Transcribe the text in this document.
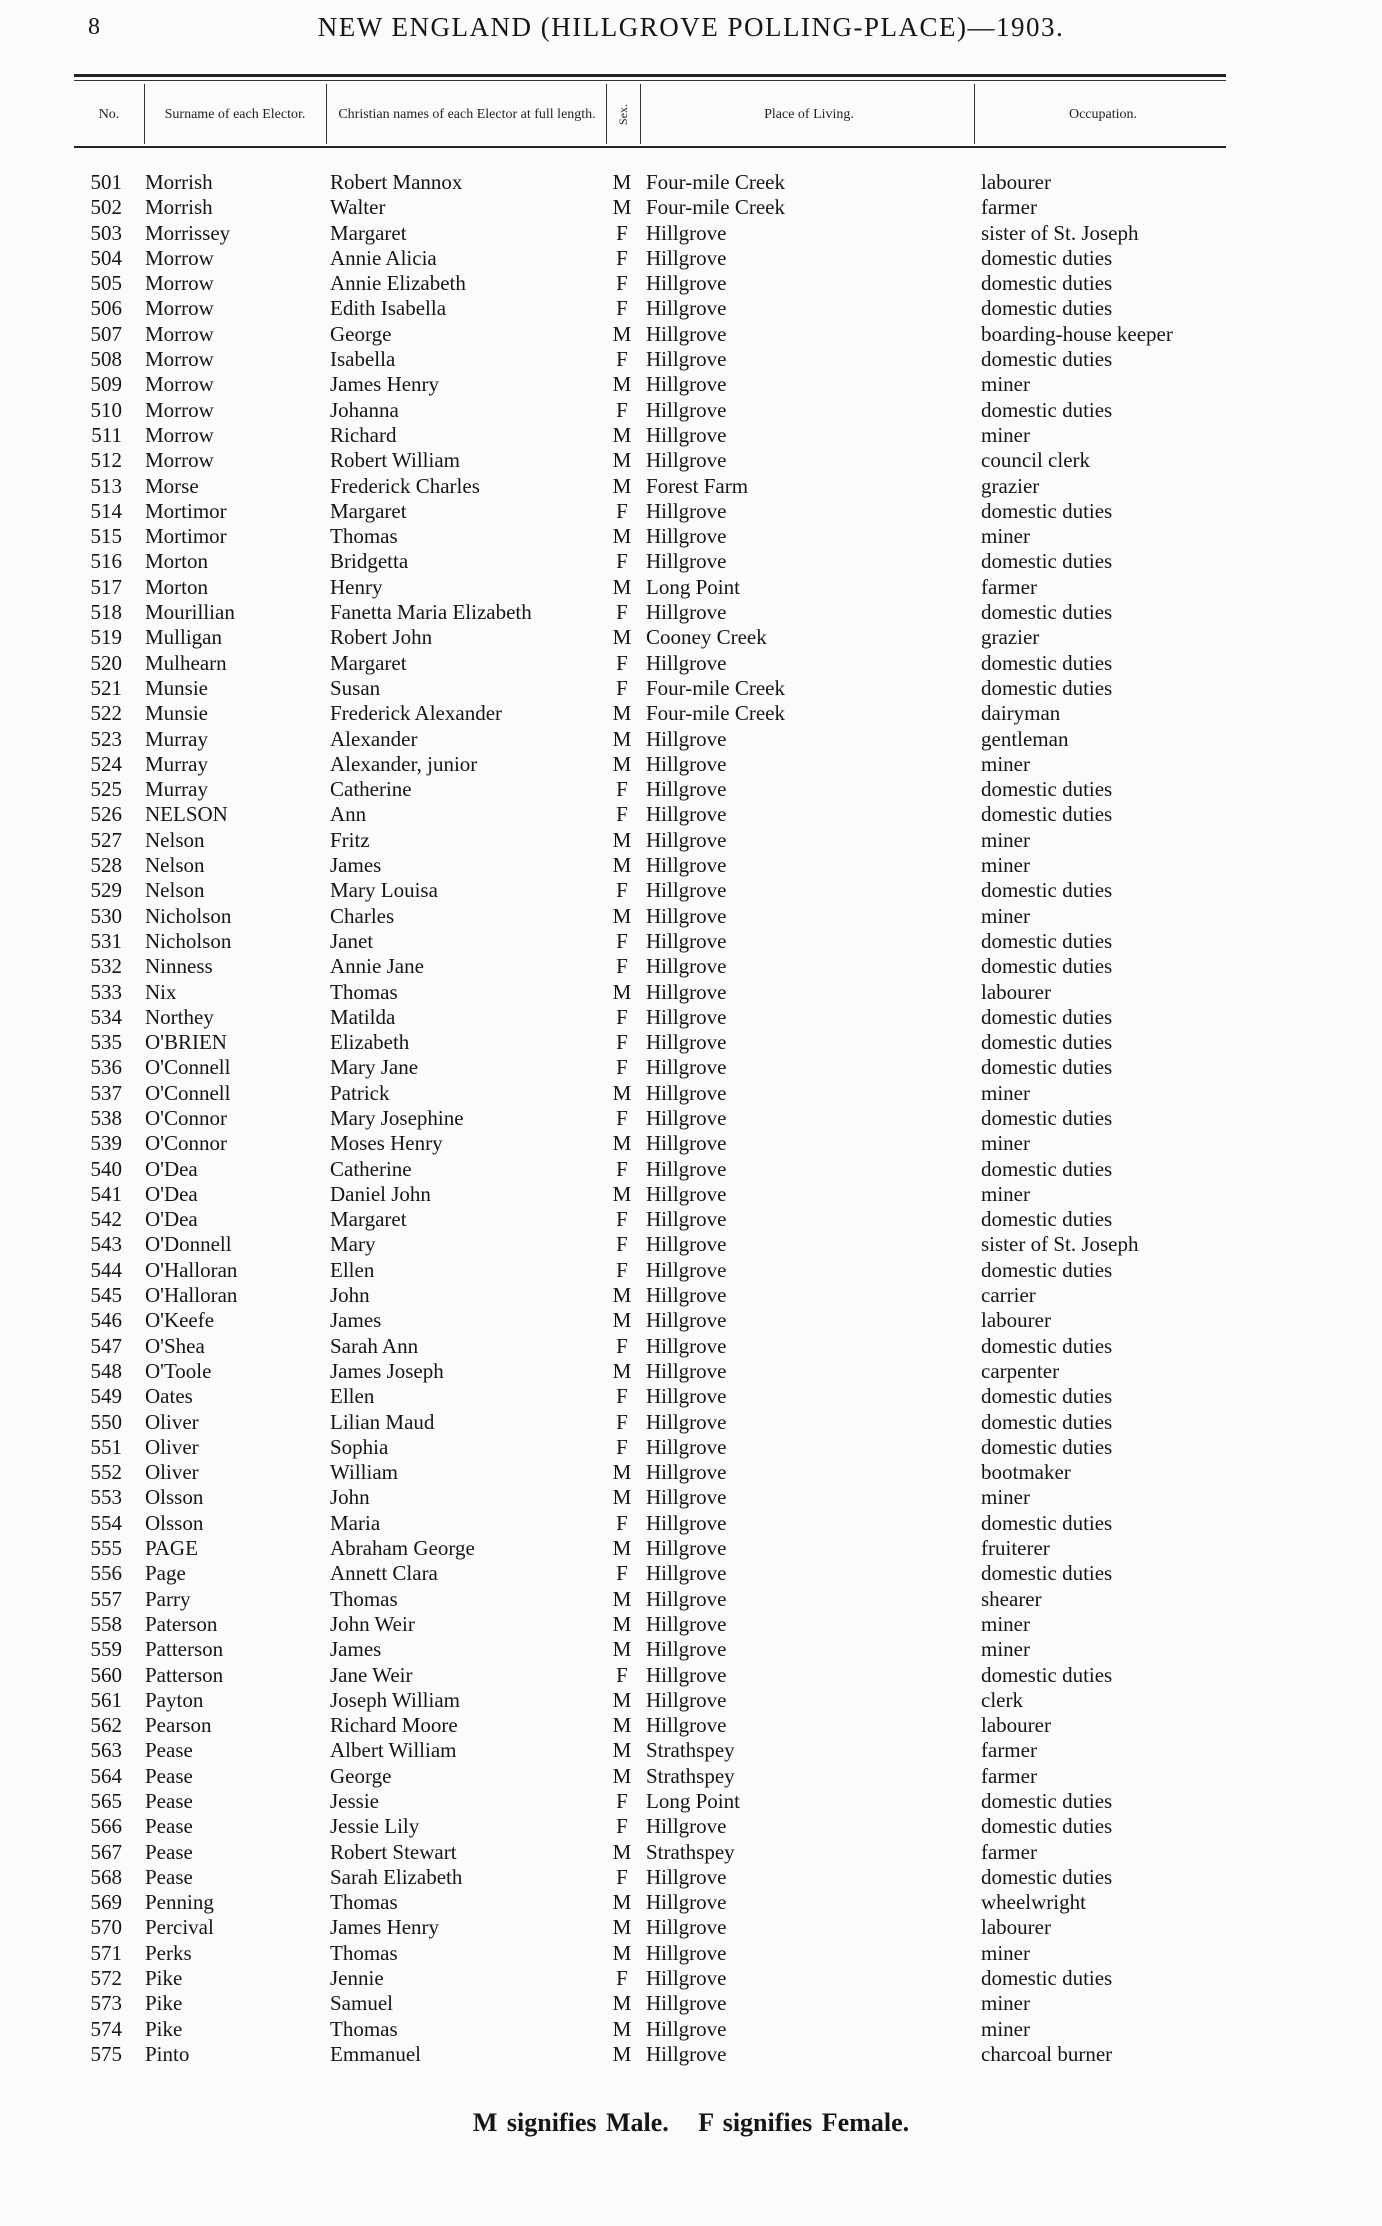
8	NEW ENGLAND (HILLGROVE POLLING-PLACE)—1903.
No.	Surname of each Elector.	Christian names of each Elector at full length.	Sex.	Place of Living.	Occupation.
501 Morrish	Robert Mannox	M Four-mile Creek	labourer
502 Morrish	Walter	M Four-mile Creek	farmer
503 Morrissey	Margaret	F Hillgrove	sister of St. Joseph
504 Morrow	Annie Alicia	F Hillgrove	domestic duties
505 Morrow	Annie Elizabeth	F Hillgrove	domestic duties
506 Morrow	Edith Isabella	F Hillgrove	domestic duties
507 Morrow	George	M Hillgrove	boarding-house keeper
508 Morrow	Isabella	F Hillgrove	domestic duties
509 Morrow	James Henry	M Hillgrove	miner
510 Morrow	Johanna	F Hillgrove	domestic duties
511 Morrow	Richard	M Hillgrove	miner
512 Morrow	Robert William	M Hillgrove	council clerk
513 Morse	Frederick Charles	M Forest Farm	grazier
514 Mortimor	Margaret	F Hillgrove	domestic duties
515 Mortimor	Thomas	M Hillgrove	miner
516 Morton	Bridgetta	F Hillgrove	domestic duties
517 Morton	Henry	M Long Point	farmer
518 Mourillian	Fanetta Maria Elizabeth	F Hillgrove	domestic duties
519 Mulligan	Robert John	M Cooney Creek	grazier
520 Mulhearn	Margaret	F Hillgrove	domestic duties
521 Munsie	Susan	F Four-mile Creek	domestic duties
522 Munsie	Frederick Alexander	M Four-mile Creek	dairyman
523 Murray	Alexander	M Hillgrove	gentleman
524 Murray	Alexander, junior	M Hillgrove	miner
525 Murray	Catherine	F Hillgrove	domestic duties
526 NELSON	Ann	F Hillgrove	domestic duties
527 Nelson	Fritz	M Hillgrove	miner
528 Nelson	James	M Hillgrove	miner
529 Nelson	Mary Louisa	F Hillgrove	domestic duties
530 Nicholson	Charles	M Hillgrove	miner
531 Nicholson	Janet	F Hillgrove	domestic duties
532 Ninness	Annie Jane	F Hillgrove	domestic duties
533 Nix	Thomas	M Hillgrove	labourer
534 Northey	Matilda	F Hillgrove	domestic duties
535 O'BRIEN	Elizabeth	F Hillgrove	domestic duties
536 O'Connell	Mary Jane	F Hillgrove	domestic duties
537 O'Connell	Patrick	M Hillgrove	miner
538 O'Connor	Mary Josephine	F Hillgrove	domestic duties
539 O'Connor	Moses Henry	M Hillgrove	miner
540 O'Dea	Catherine	F Hillgrove	domestic duties
541 O'Dea	Daniel John	M Hillgrove	miner
542 O'Dea	Margaret	F Hillgrove	domestic duties
543 O'Donnell	Mary	F Hillgrove	sister of St. Joseph
544 O'Halloran	Ellen	F Hillgrove	domestic duties
545 O'Halloran	John	M Hillgrove	carrier
546 O'Keefe	James	M Hillgrove	labourer
547 O'Shea	Sarah Ann	F Hillgrove	domestic duties
548 O'Toole	James Joseph	M Hillgrove	carpenter
549 Oates	Ellen	F Hillgrove	domestic duties
550 Oliver	Lilian Maud	F Hillgrove	domestic duties
551 Oliver	Sophia	F Hillgrove	domestic duties
552 Oliver	William	M Hillgrove	bootmaker
553 Olsson	John	M Hillgrove	miner
554 Olsson	Maria	F Hillgrove	domestic duties
555 PAGE	Abraham George	M Hillgrove	fruiterer
556 Page	Annett Clara	F Hillgrove	domestic duties
557 Parry	Thomas	M Hillgrove	shearer
558 Paterson	John Weir	M Hillgrove	miner
559 Patterson	James	M Hillgrove	miner
560 Patterson	Jane Weir	F Hillgrove	domestic duties
561 Payton	Joseph William	M Hillgrove	clerk
562 Pearson	Richard Moore	M Hillgrove	labourer
563 Pease	Albert William	M Strathspey	farmer
564 Pease	George	M Strathspey	farmer
565 Pease	Jessie	F Long Point	domestic duties
566 Pease	Jessie Lily	F Hillgrove	domestic duties
567 Pease	Robert Stewart	M Strathspey	farmer
568 Pease	Sarah Elizabeth	F Hillgrove	domestic duties
569 Penning	Thomas	M Hillgrove	wheelwright
570 Percival	James Henry	M Hillgrove	labourer
571 Perks	Thomas	M Hillgrove	miner
572 Pike	Jennie	F Hillgrove	domestic duties
573 Pike	Samuel	M Hillgrove	miner
574 Pike	Thomas	M Hillgrove	miner
575 Pinto	Emmanuel	M Hillgrove	charcoal burner
M signifies Male. F signifies Female.
